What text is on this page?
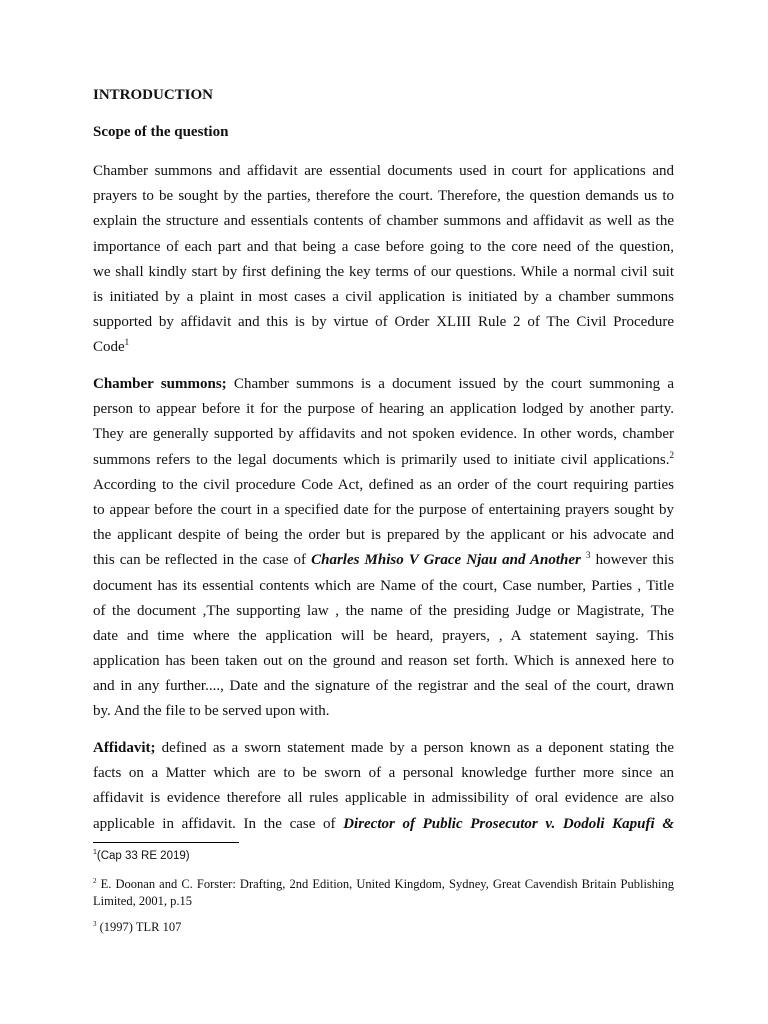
INTRODUCTION
Scope of the question
Chamber summons and affidavit are essential documents used in court for applications and
prayers to be sought by the parties, therefore the court. Therefore, the question demands us to
explain the structure and essentials contents of chamber summons and affidavit as well as the
importance of each part and that being a case before going to the core need of the question,
we shall kindly start by first defining the key terms of our questions. While a normal civil suit
is initiated by a plaint in most cases a civil application is initiated by a chamber summons
supported by affidavit and this is by virtue of Order XLIII Rule 2 of The Civil Procedure
Code$^1$
Chamber summons; Chamber summons is a document issued by the court summoning a
person to appear before it for the purpose of hearing an application lodged by another party.
They are generally supported by affidavits and not spoken evidence. In other words, chamber
summons refers to the legal documents which is primarily used to initiate civil applications.$^2$
According to the civil procedure Code Act, defined as an order of the court requiring parties
to appear before the court in a specified date for the purpose of entertaining prayers sought by
the applicant despite of being the order but is prepared by the applicant or his advocate and
this can be reflected in the case of Charles Mhiso V Grace Njau and Another $^3$ however this
document has its essential contents which are Name of the court, Case number, Parties , Title
of the document ,The supporting law , the name of the presiding Judge or Magistrate, The
date and time where the application will be heard, prayers, , A statement saying. This
application has been taken out on the ground and reason set forth. Which is annexed here to
and in any further...., Date and the signature of the registrar and the seal of the court, drawn
by. And the file to be served upon with.
Affidavit; defined as a sworn statement made by a person known as a deponent stating the
facts on a Matter which are to be sworn of a personal knowledge further more since an
affidavit is evidence therefore all rules applicable in admissibility of oral evidence are also
applicable in affidavit. In the case of Director of Public Prosecutor v. Dodoli Kapufi &
$^1$(Cap 33 RE 2019)
$^2$ E. Doonan and C. Forster: Drafting, 2nd Edition, United Kingdom, Sydney, Great Cavendish Britain Publishing Limited, 2001, p.15
$^3$ (1997) TLR 107
